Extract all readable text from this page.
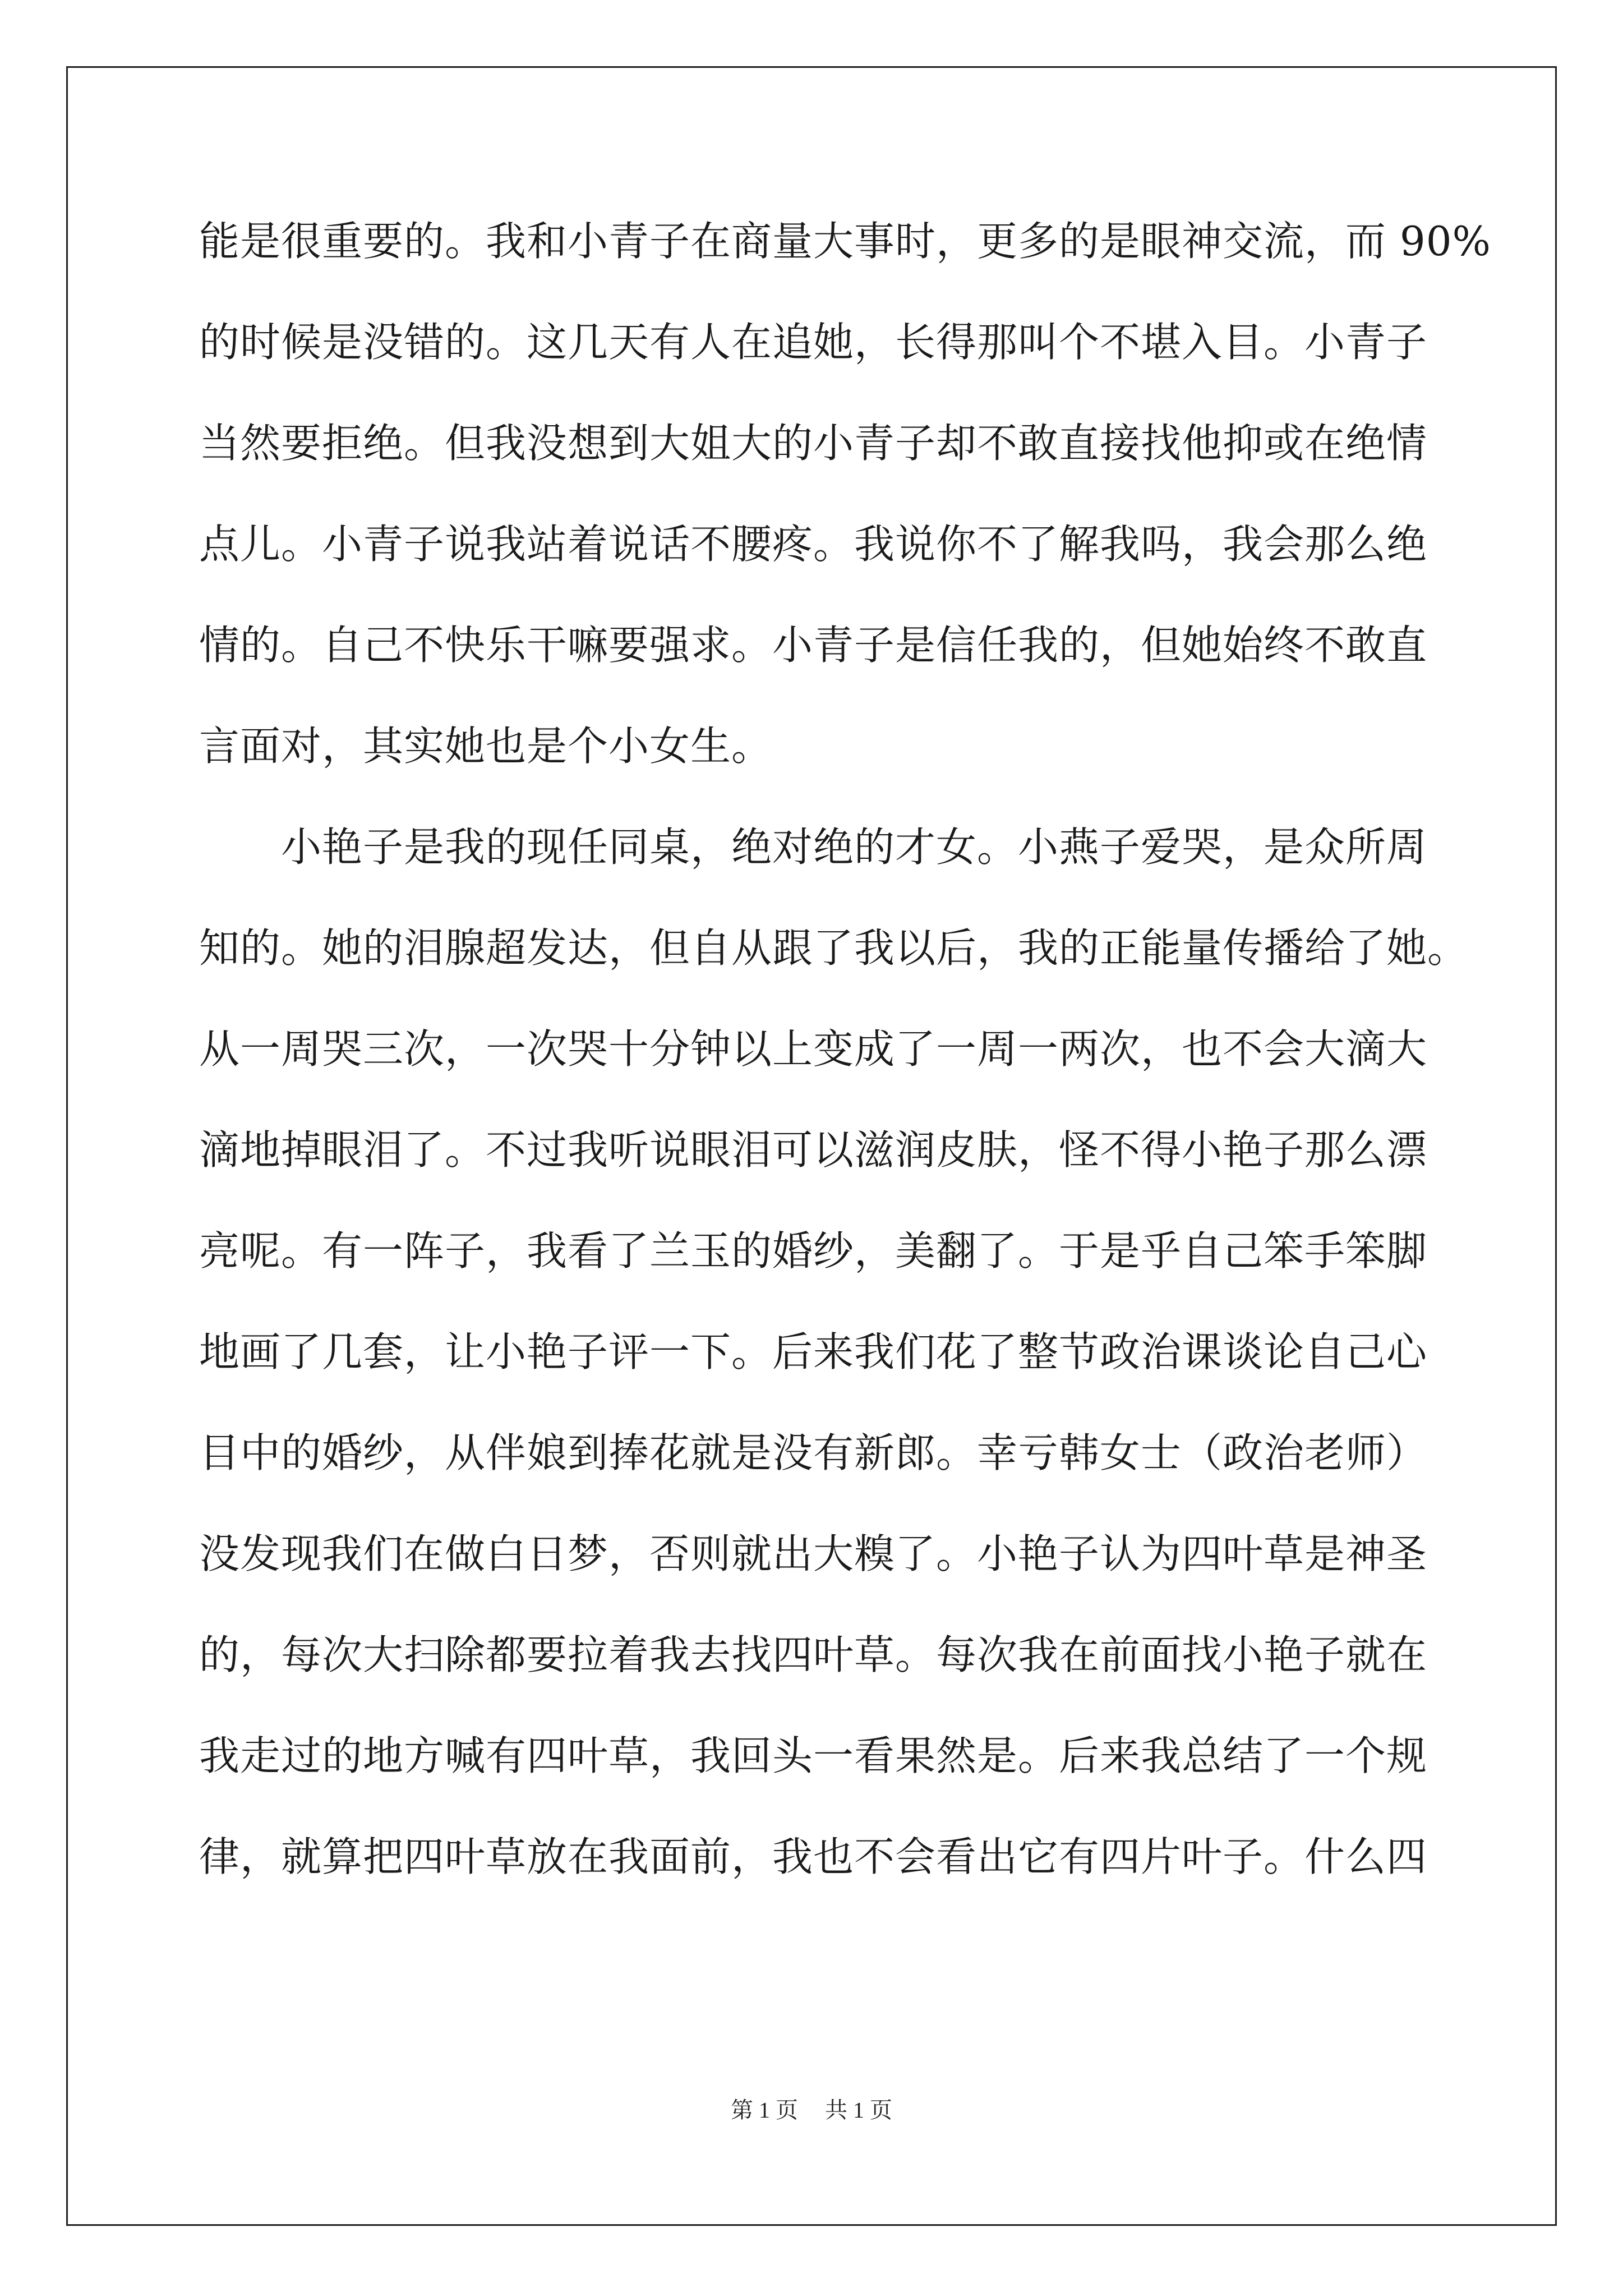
能是很重要的。我和小青子在商量大事时，更多的是眼神交流，而 90%
的时候是没错的。这几天有人在追她，长得那叫个不堪入目。小青子
当然要拒绝。但我没想到大姐大的小青子却不敢直接找他抑或在绝情
点儿。小青子说我站着说话不腰疼。我说你不了解我吗，我会那么绝
情的。自己不快乐干嘛要强求。小青子是信任我的，但她始终不敢直
言面对，其实她也是个小女生。
　　小艳子是我的现任同桌，绝对绝的才女。小燕子爱哭，是众所周
知的。她的泪腺超发达，但自从跟了我以后，我的正能量传播给了她。
从一周哭三次，一次哭十分钟以上变成了一周一两次，也不会大滴大
滴地掉眼泪了。不过我听说眼泪可以滋润皮肤，怪不得小艳子那么漂
亮呢。有一阵子，我看了兰玉的婚纱，美翻了。于是乎自己笨手笨脚
地画了几套，让小艳子评一下。后来我们花了整节政治课谈论自己心
目中的婚纱，从伴娘到捧花就是没有新郎。幸亏韩女士（政治老师）
没发现我们在做白日梦，否则就出大糗了。小艳子认为四叶草是神圣
的，每次大扫除都要拉着我去找四叶草。每次我在前面找小艳子就在
我走过的地方喊有四叶草，我回头一看果然是。后来我总结了一个规
律，就算把四叶草放在我面前，我也不会看出它有四片叶子。什么四
第 1 页 共 1 页
